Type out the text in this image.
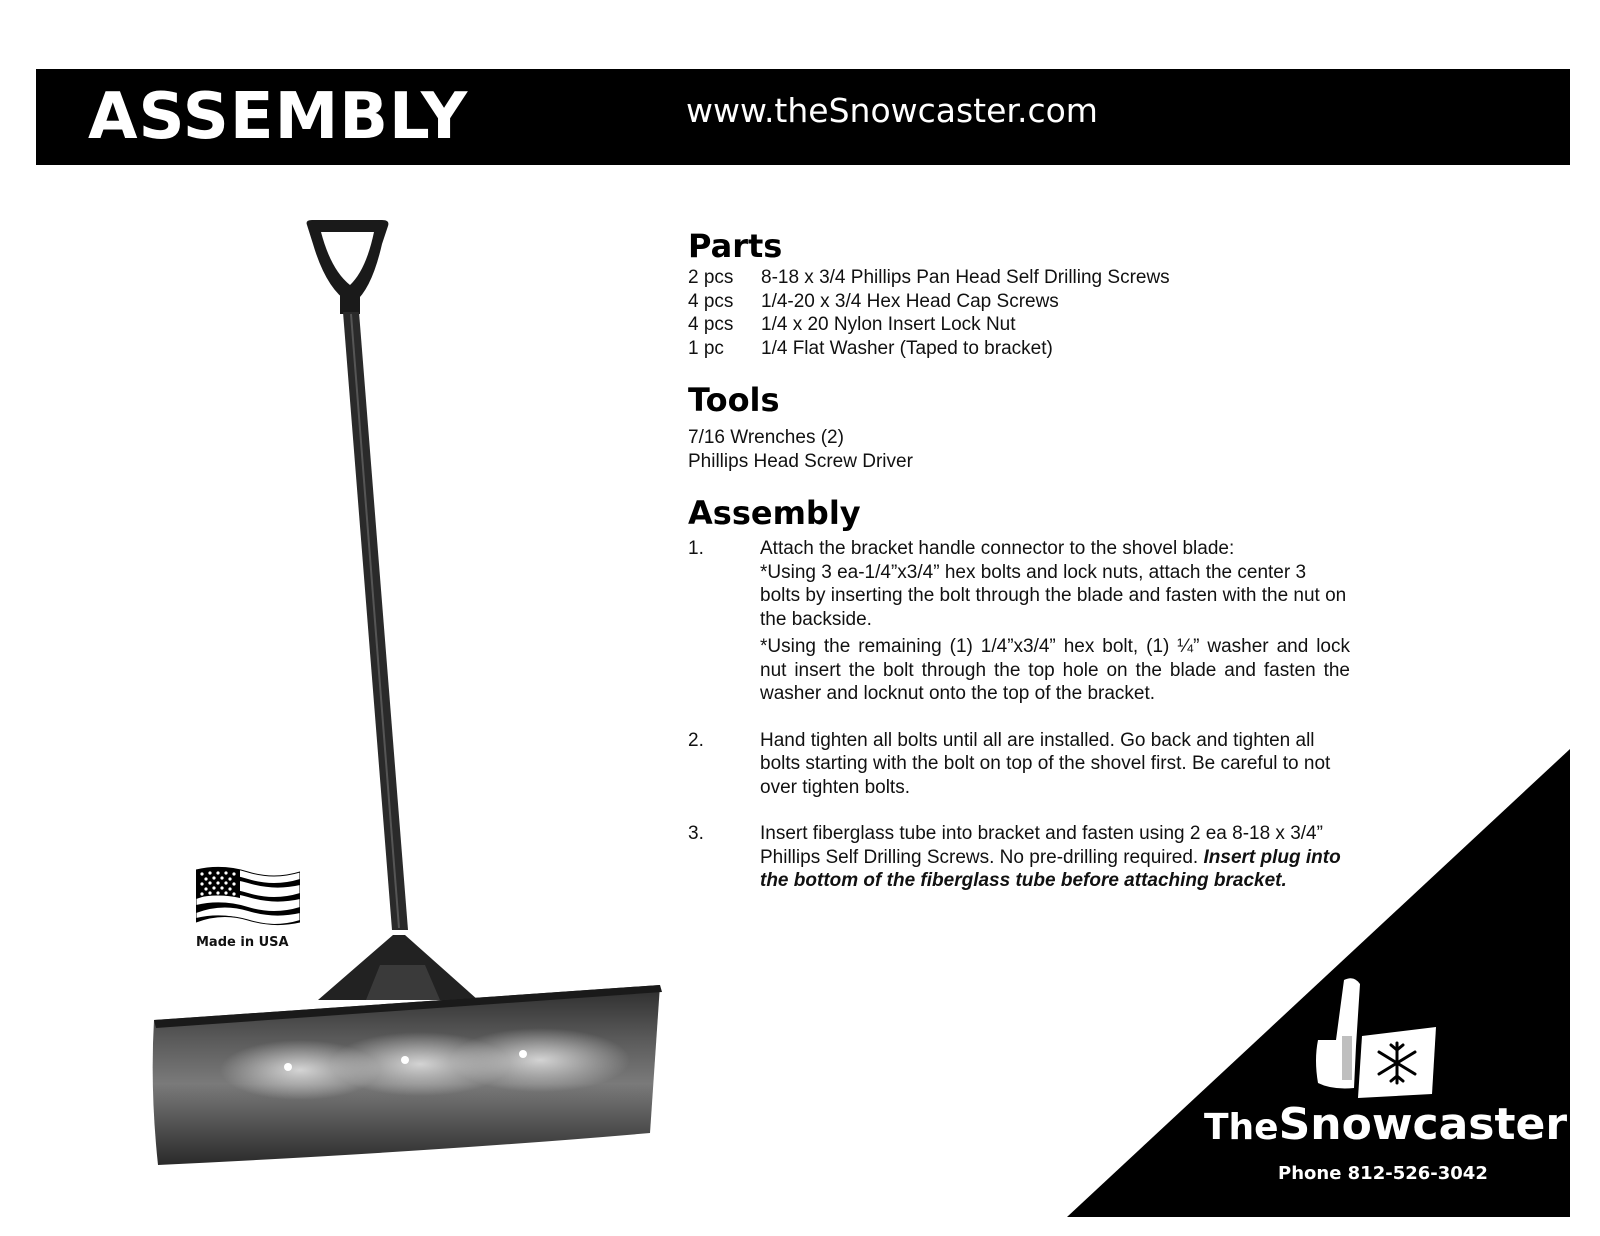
ASSEMBLY	www.theSnowcaster.com
Made in USA
Parts
2 pcs	8-18 x 3/4 Phillips Pan Head Self Drilling Screws
4 pcs	1/4-20 x 3/4 Hex Head Cap Screws
4 pcs	1/4 x 20 Nylon Insert Lock Nut
1 pc	1/4 Flat Washer (Taped to bracket)
Tools
7/16 Wrenches (2)
Phillips Head Screw Driver
Assembly
1.	Attach the bracket handle connector to the shovel blade:

*Using 3 ea-1/4”x3/4” hex bolts and lock nuts, attach the center 3 bolts by inserting the bolt through the blade and fasten with the nut on the backside.

*Using the remaining (1) 1/4”x3/4” hex bolt, (1) ¼” washer and lock nut insert the bolt through the top hole on the blade and fasten the washer and locknut onto the top of the bracket.

2.	Hand tighten all bolts until all are installed. Go back and tighten all bolts starting with the bolt on top of the shovel first. Be careful to not over tighten bolts.

3.	Insert fiberglass tube into bracket and fasten using 2 ea 8-18 x 3/4” Phillips Self Drilling Screws. No pre-drilling required. Insert plug into the bottom of the fiberglass tube before attaching bracket.

TheSnowcaster
Phone 812-526-3042
